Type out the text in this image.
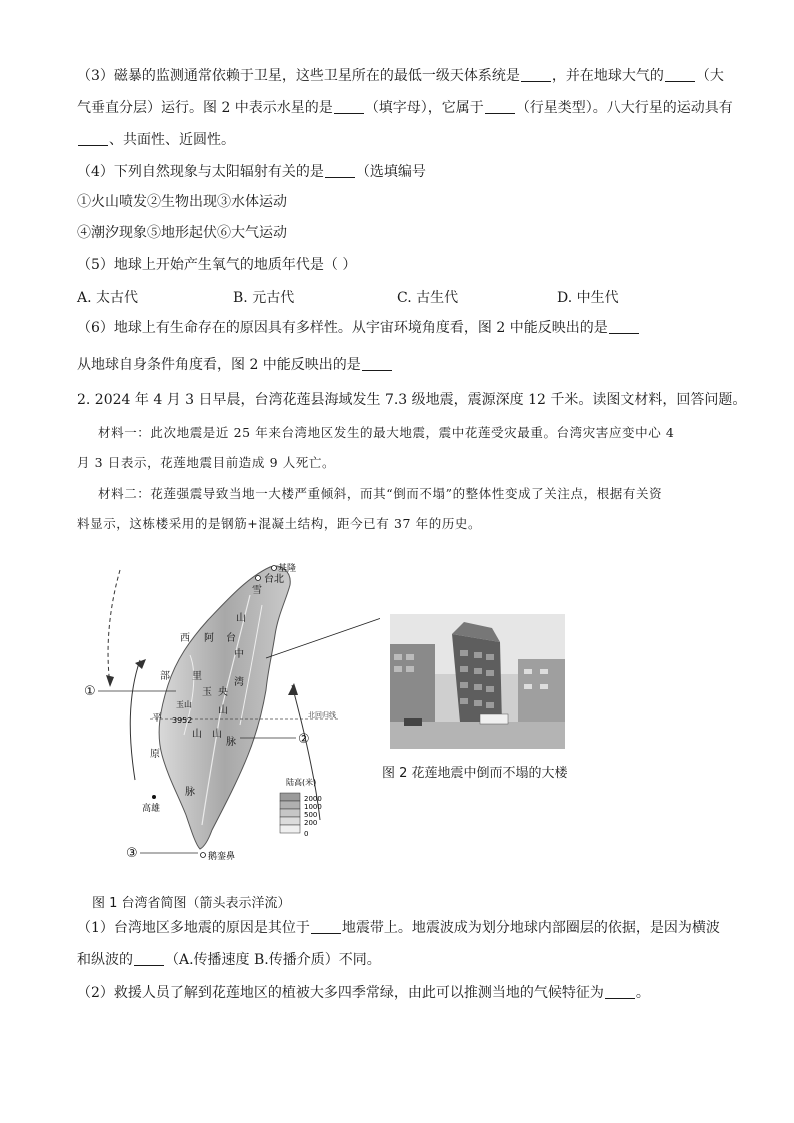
（3）磁暴的监测通常依赖于卫星，这些卫星所在的最低一级天体系统是 ，并在地球大气的 （大
气垂直分层）运行。图 2 中表示水星的是 （填字母），它属于 （行星类型）。八大行星的运动具有
、共面性、近圆性。
（4）下列自然现象与太阳辐射有关的是 （选填编号
①火山喷发②生物出现③水体运动
④潮汐现象⑤地形起伏⑥大气运动
（5）地球上开始产生氧气的地质年代是（ ）
A. 太古代	B. 元古代	C. 古生代	D. 中生代
（6）地球上有生命存在的原因具有多样性。从宇宙环境角度看，图 2 中能反映出的是
从地球自身条件角度看，图 2 中能反映出的是
2. 2024 年 4 月 3 日早晨，台湾花莲县海域发生 7.3 级地震，震源深度 12 千米。读图文材料，回答问题。
材料一：此次地震是近 25 年来台湾地区发生的最大地震，震中花莲受灾最重。台湾灾害应变中心 4
月 3 日表示，花莲地震目前造成 9 人死亡。
材料二：花莲强震导致当地一大楼严重倾斜，而其“倒而不塌”的整体性变成了关注点，根据有关资
料显示，这栋楼采用的是钢筋+混凝土结构，距今已有 37 年的历史。
北回归线
①
②
③
基隆
台北
高雄
鹅銮鼻
雪
山
西 阿 台
中
湾
部 里
玉 央
山
山
山
脉
平
原
脉
玉山
3952
陆高(米)
2000
1000
500
200
0
图 2 花莲地震中倒而不塌的大楼
图 1 台湾省简图（箭头表示洋流）
（1）台湾地区多地震的原因是其位于 地震带上。地震波成为划分地球内部圈层的依据，是因为横波
和纵波的 （A.传播速度 B.传播介质）不同。
（2）救援人员了解到花莲地区的植被大多四季常绿，由此可以推测当地的气候特征为 。
